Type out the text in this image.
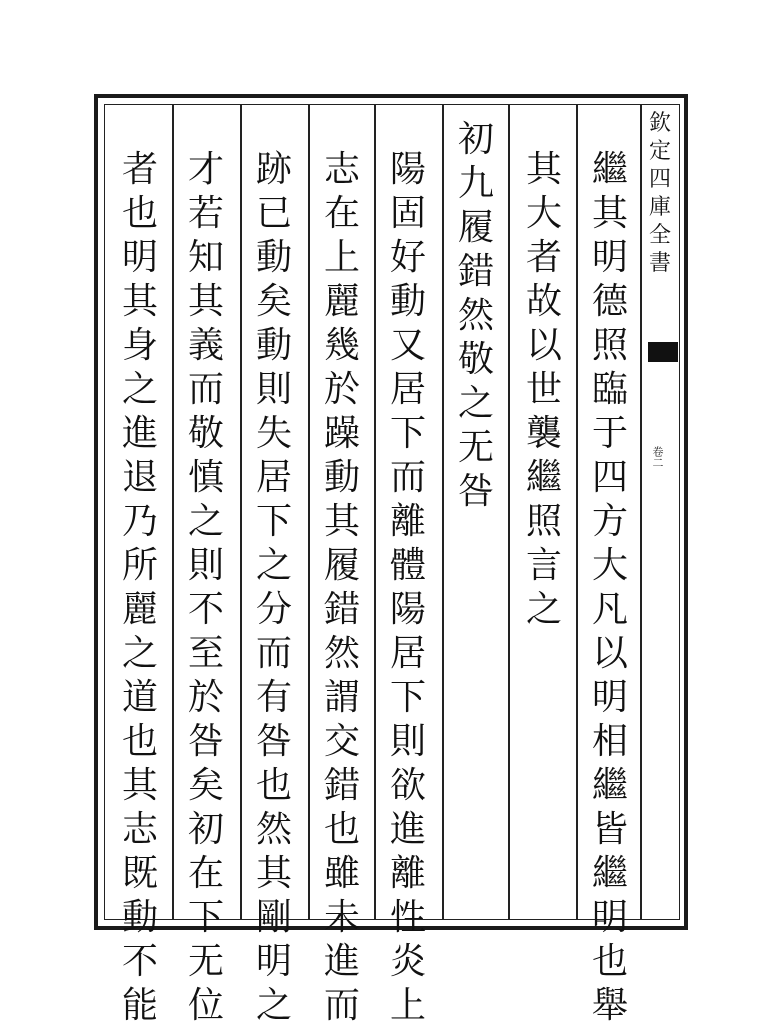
欽
定
四
庫
全
書
卷二
繼
其
明
德
照
臨
于
四
方
大
凡
以
明
相
繼
皆
繼
明
也
舉
其
大
者
故
以
世
襲
繼
照
言
之
初
九
履
錯
然
敬
之
无
咎
陽
固
好
動
又
居
下
而
離
體
陽
居
下
則
欲
進
離
性
炎
上
志
在
上
麗
幾
於
躁
動
其
履
錯
然
謂
交
錯
也
雖
未
進
而
跡
已
動
矣
動
則
失
居
下
之
分
而
有
咎
也
然
其
剛
明
之
才
若
知
其
義
而
敬
慎
之
則
不
至
於
咎
矣
初
在
下
无
位
者
也
明
其
身
之
進
退
乃
所
麗
之
道
也
其
志
既
動
不
能
